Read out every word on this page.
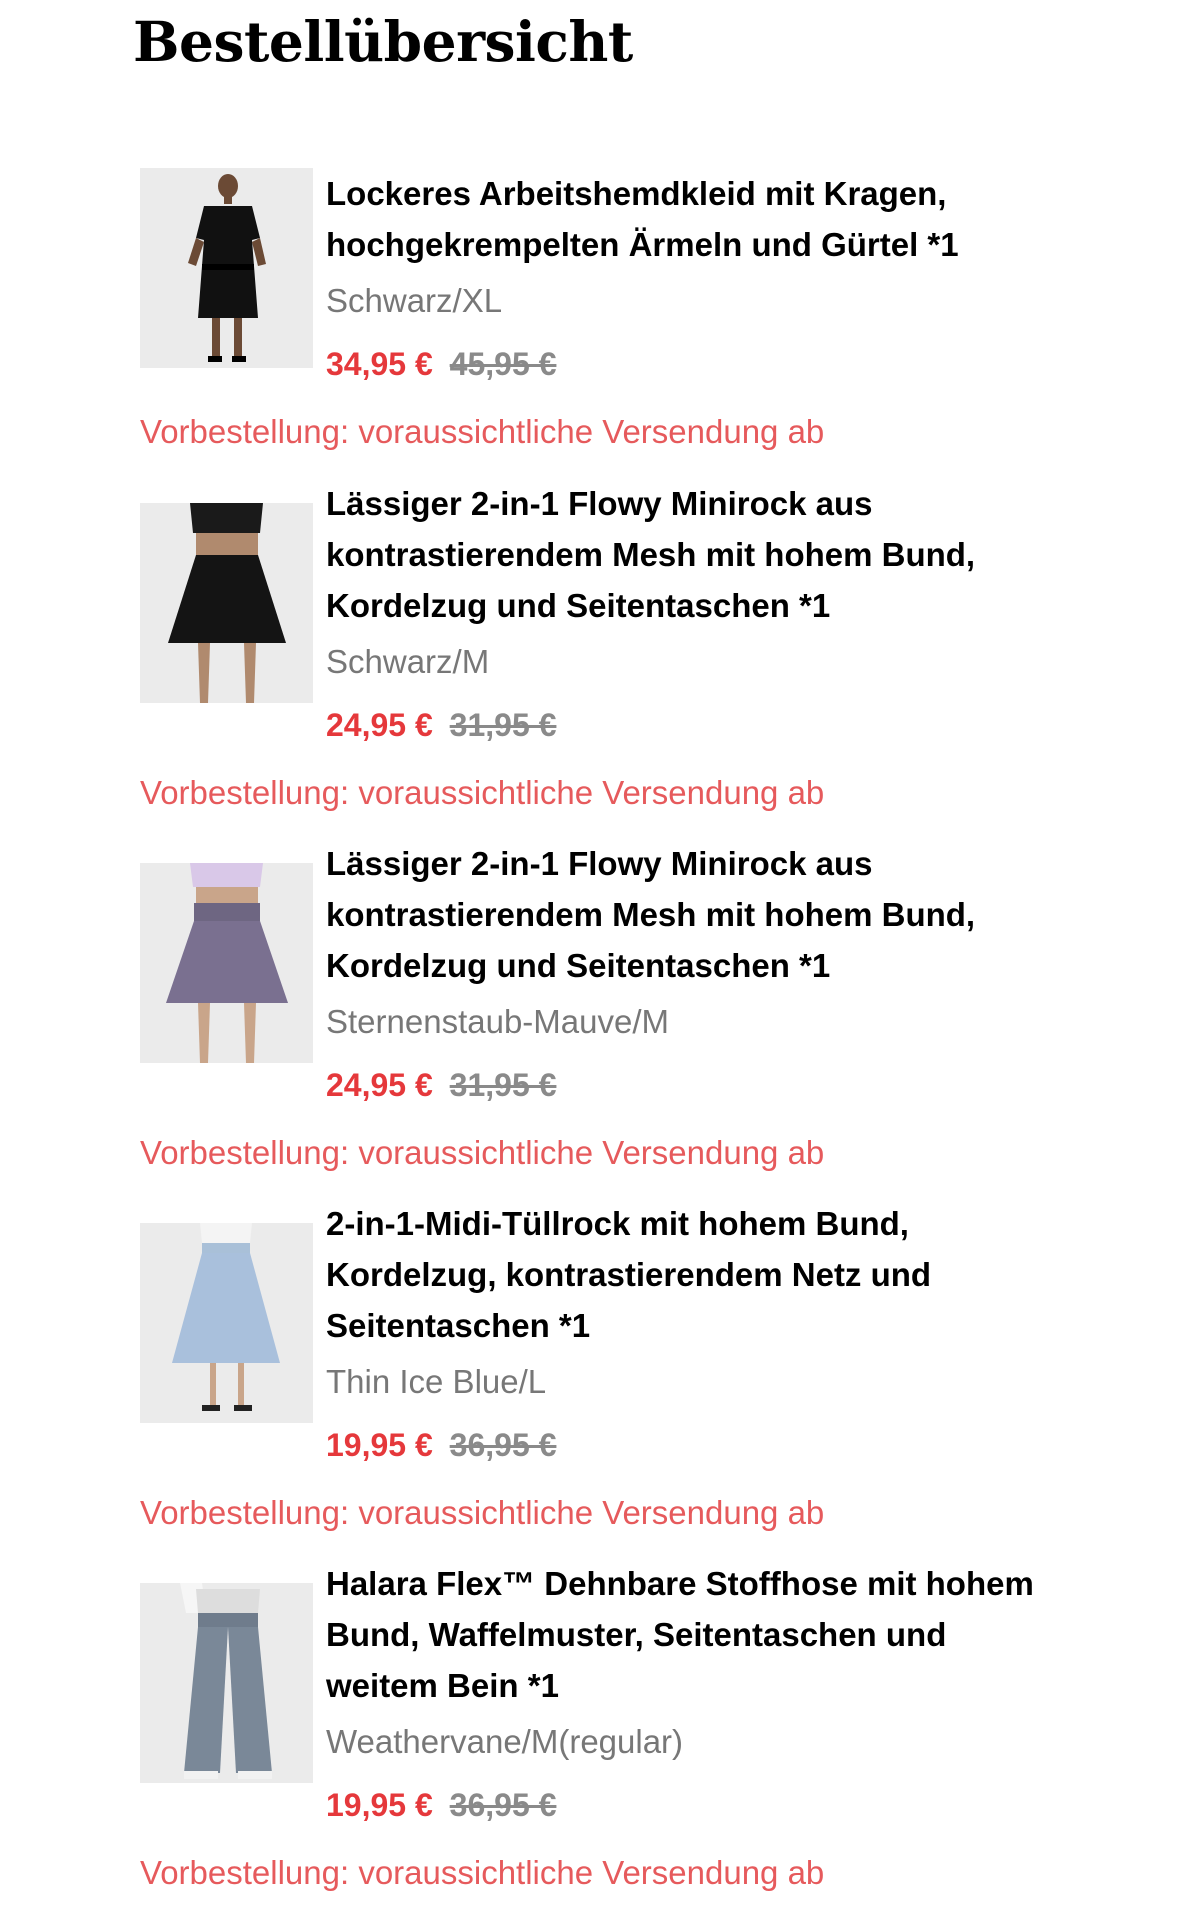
Bestellübersicht

Lockeres Arbeitshemdkleid mit Kragen, hochgekrempelten Ärmeln und Gürtel *1

Schwarz/XL
34,95 € 45,95 €
Vorbestellung: voraussichtliche Versendung ab

Lässiger 2-in-1 Flowy Minirock aus kontrastierendem Mesh mit hohem Bund, Kordelzug und Seitentaschen *1

Schwarz/M
24,95 € 31,95 €
Vorbestellung: voraussichtliche Versendung ab

Lässiger 2-in-1 Flowy Minirock aus kontrastierendem Mesh mit hohem Bund, Kordelzug und Seitentaschen *1

Sternenstaub-Mauve/M
24,95 € 31,95 €
Vorbestellung: voraussichtliche Versendung ab

2-in-1-Midi-Tüllrock mit hohem Bund, Kordelzug, kontrastierendem Netz und Seitentaschen *1

Thin Ice Blue/L
19,95 € 36,95 €
Vorbestellung: voraussichtliche Versendung ab

Halara Flex™ Dehnbare Stoffhose mit hohem Bund, Waffelmuster, Seitentaschen und weitem Bein *1

Weathervane/M(regular)
19,95 € 36,95 €
Vorbestellung: voraussichtliche Versendung ab
